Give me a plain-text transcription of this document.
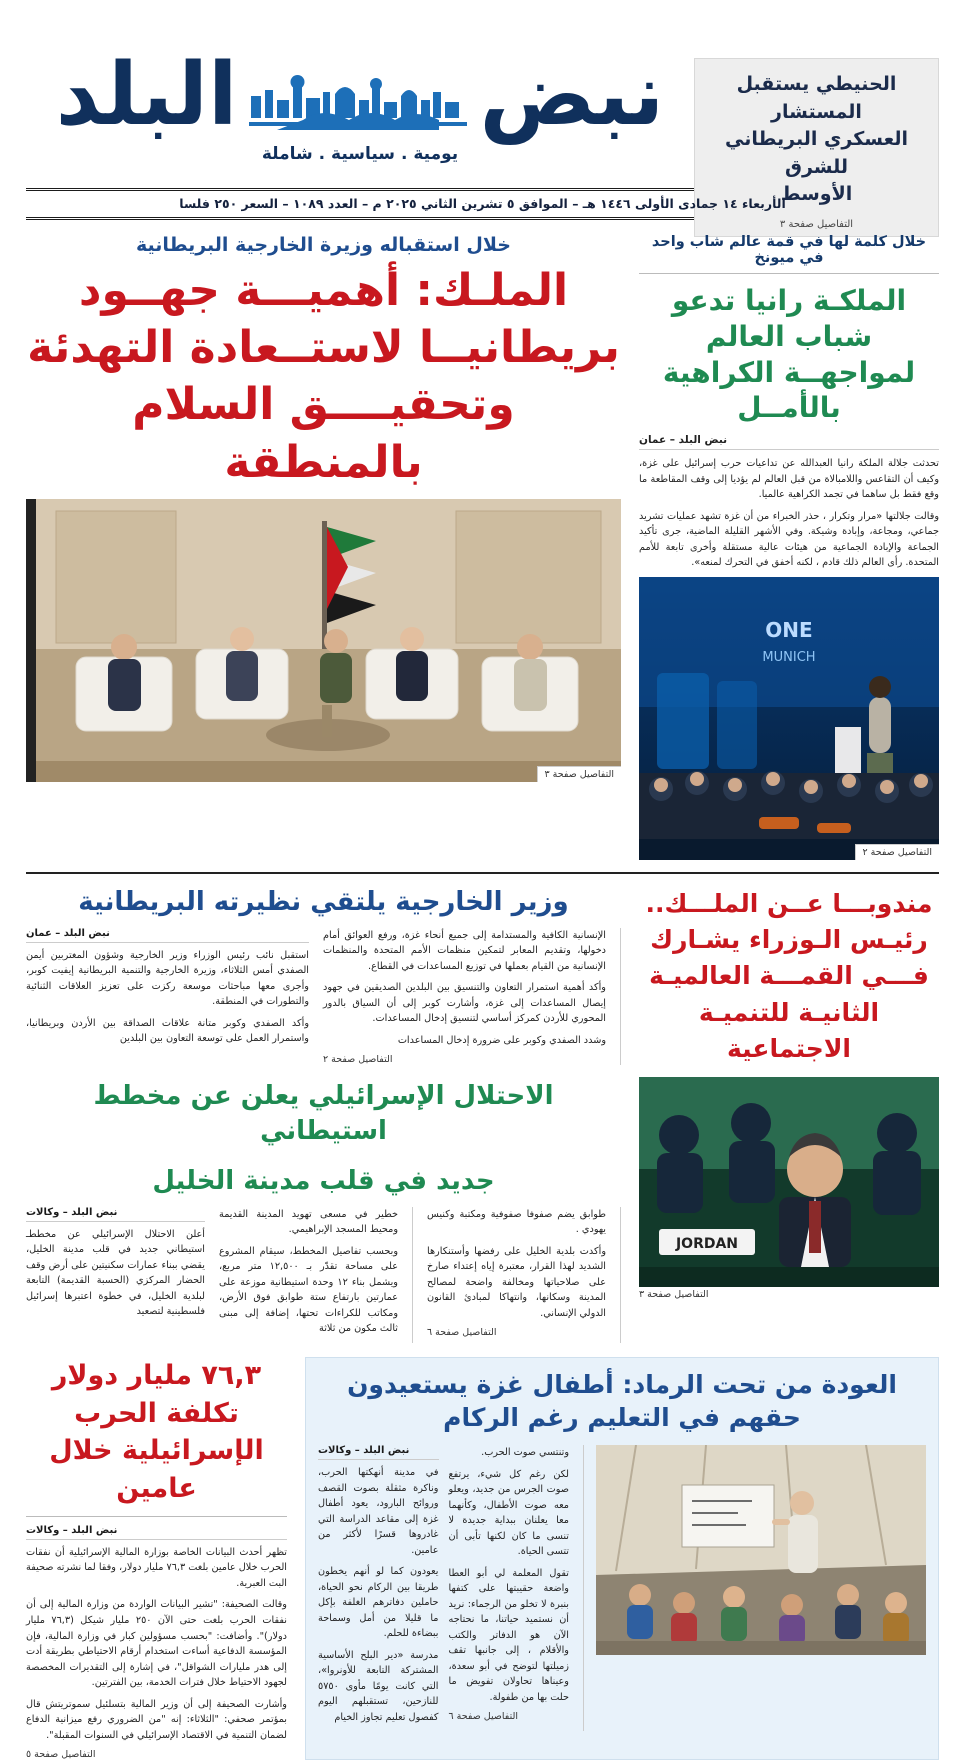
الحنيطي يستقبل المستشار
العسكري البريطاني للشرق
الأوسط
التفاصيل صفحة ٣
نبض
البلد
يومية . سياسية . شاملة
الأربعاء ١٤ جمادى الأولى ١٤٤٦ هـ – الموافق ٥ تشرين الثاني ٢٠٢٥ م – العدد ١٠٨٩ – السعر ٢٥٠ فلسا
خلال كلمة لها في قمة عالم شاب واحد في ميونخ
الملكـة رانيا تدعو شباب العالم
لمواجهــة الكراهية بالأمــل
نبض البلد – عمان

تحدثت جلالة الملكة رانيا العبدالله عن تداعيات حرب إسرائيل على غزة، وكيف أن التقاعس واللامبالاة من قبل العالم لم يؤديا إلى وقف المقاطعة ما وقع فقط بل ساهما في تجمد الكراهية عالميا.

وقالت جلالتها «مرار وتكرار ، حذر الخبراء من أن غزة تشهد عمليات تشريد جماعي، ومجاعة، وإبادة وشيكة. وفي الأشهر القليلة الماضية، جرى تأكيد الجماعة والإبادة الجماعية من هيئات عالية مستقلة وأخرى تابعة للأمم المتحدة. رأى العالم ذلك قادم ، لكنه أخفق في التحرك لمنعه».

ONE
MUNICH
التفاصيل صفحة ٢
خلال استقباله وزيرة الخارجية البريطانية
الملـك: أهميـــة جهــود
بريطانيــا لاستــعادة التهدئة
وتحقيــــق السلام بالمنطقة
التفاصيل صفحة ٣
مندوبـــا عــن الملـــك..
رئيـس الـوزراء يشـارك
فـــي القمـــة العالميـة
الثانيـة للتنميـة الاجتماعية
JORDAN
التفاصيل صفحة ٣
وزير الخارجية يلتقي نظيرته البريطانية

الإنسانية الكافية والمستدامة إلى جميع أنحاء غزة، ورفع العوائق أمام دخولها، وتقديم المعابر لتمكين منظمات الأمم المتحدة والمنظمات الإنسانية من القيام بعملها في توزيع المساعدات في القطاع.

وأكد أهمية استمرار التعاون والتنسيق بين البلدين الصديقين في جهود إيصال المساعدات إلى غزة، وأشارت كوبر إلى أن السياق بالدور المحوري للأردن كمركز أساسي لتنسيق إدخال المساعدات.

وشدد الصفدي وكوبر على ضرورة إدخال المساعدات

التفاصيل صفحة ٢
نبض البلد – عمان

استقبل نائب رئيس الوزراء وزير الخارجية وشؤون المغتربين أيمن الصفدي أمس الثلاثاء، وزيرة الخارجية والتنمية البريطانية إيفيت كوبر، وأجرى معها مباحثات موسعة ركزت على تعزيز العلاقات الثنائية والتطورات في المنطقة.

وأكد الصفدي وكوبر متانة علاقات الصداقة بين الأردن وبريطانيا، واستمرار العمل على توسعة التعاون بين البلدين

الاحتلال الإسرائيلي يعلن عن مخطط استيطاني
جديد في قلب مدينة الخليل

طوابق يضم صفوفا صفوفية ومكتبة وكنيس يهودي .

وأكدت بلدية الخليل على رفضها وأستنكارها الشديد لهذا القرار، معتبرة إياه إعتداء صارخ على صلاحياتها ومخالفة واضحة لمصالح المدينة وسكانها، وانتهاكا لمبادئ القانون الدولي الإنساني.

التفاصيل صفحة ٦

خطير في مسعى تهويد المدينة القديمة ومحيط المسجد الإبراهيمي.

وبحسب تفاصيل المخطط، سيقام المشروع على مساحة تقدّر بـ ١٢,٥٠٠ متر مربع، ويشمل بناء ١٢ وحدة استيطانية موزعة على عمارتين بارتفاع ستة طوابق فوق الأرض، ومكاتب للكراءات تحتها، إضافة إلى مبنى ثالث مكون من ثلاثة

نبض البلد – وكالات

أعلن الاحتلال الإسرائيلي عن مخططـ استيطاني جديد في قلب مدينة الخليل، يقضي ببناء عمارات سكنيتين على أرض وقف الحضار المركزي (الحسبة القديمة) التابعة لبلدية الخليل، في خطوة اعتبرها إسرائيل فلسطينية لتصعيد

العودة من تحت الرماد: أطفال غزة يستعيدون
حقهم في التعليم رغم الركام

وتنتسي صوت الحرب.

لكن رغم كل شيء، يرتفع صوت الجرس من جديد، ويعلو معه صوت الأطفال، وكأنهما معا يعلنان ببداية جديدة لا تنسى ما كان لكنها تأبى أن تتسى الحياة.

تقول المعلمة لي أبو العطا واضعة حقيبتها على كتفها بنبرة لا تخلو من الرجماء: نريد أن نستميد حياتنا، ما نحتاجه الآن هو الدفاتر والكتب والأقلام ، إلى جانبها تقف زميلتها لتوضح في أبو سعدة، وعيناها تحاولان تفويض ما حلت بها من طفولة.

التفاصيل صفحة ٦
نبض البلد – وكالات

في مدينة أنهكتها الحرب، وناكرة مثقلة بصوت القصف وروائح البارود، يعود أطفال غزة إلى مقاعد الدراسة التي غادروها قسرًا لأكثر من عامين.

يعودون كما لو أنهم يخطون طريقا بين الركام نحو الحياة، حاملين دفاترهم الغلفة بإكل ما قليلا من أمل وسماحة ببضاءة للحلم.

مدرسة «دير البلح الأساسية المشتركة التابعة للأونروا»، التي كانت يومًا مأوى ٥٧٥٠ للنازحين، تستقبلهم اليوم كفصول تعليم تجاوز الخيام

٧٦,٣ مليار دولار
تكلفة الحرب
الإسرائيلية خلال عامين
نبض البلد – وكالات

تظهر أحدث البيانات الخاصة بوزارة المالية الإسرائيلية أن نفقات الحرب خلال عامين بلغت ٧٦,٣ مليار دولار، وفقا لما نشرته صحيفة البت العبرية.

وقالت الصحيفة: "تشير البيانات الواردة من وزارة المالية إلى أن نفقات الحرب بلغت حتى الآن ٢٥٠ مليار شيكل (٧٦,٣ مليار دولار)". وأضافت: "بحسب مسؤولين كبار في وزارة المالية، فإن المؤسسة الدفاعية أساءت استخدام أرقام الاحتياطي بطريقة أدت إلى هدر مليارات الشواقل"، في إشارة إلى التقديرات المخصصة لجهود الاحتياط خلال فترات الخدمة، بين الفترتين.

وأشارت الصحيفة إلى أن وزير المالية بتسلئيل سموتريتش قال بمؤتمر صحفي: "الثلاثاء: إنه "من الضروري رفع ميزانية الدفاع لضمان التنمية في الاقتصاد الإسرائيلي في السنوات المقبلة".

التفاصيل صفحة ٥
